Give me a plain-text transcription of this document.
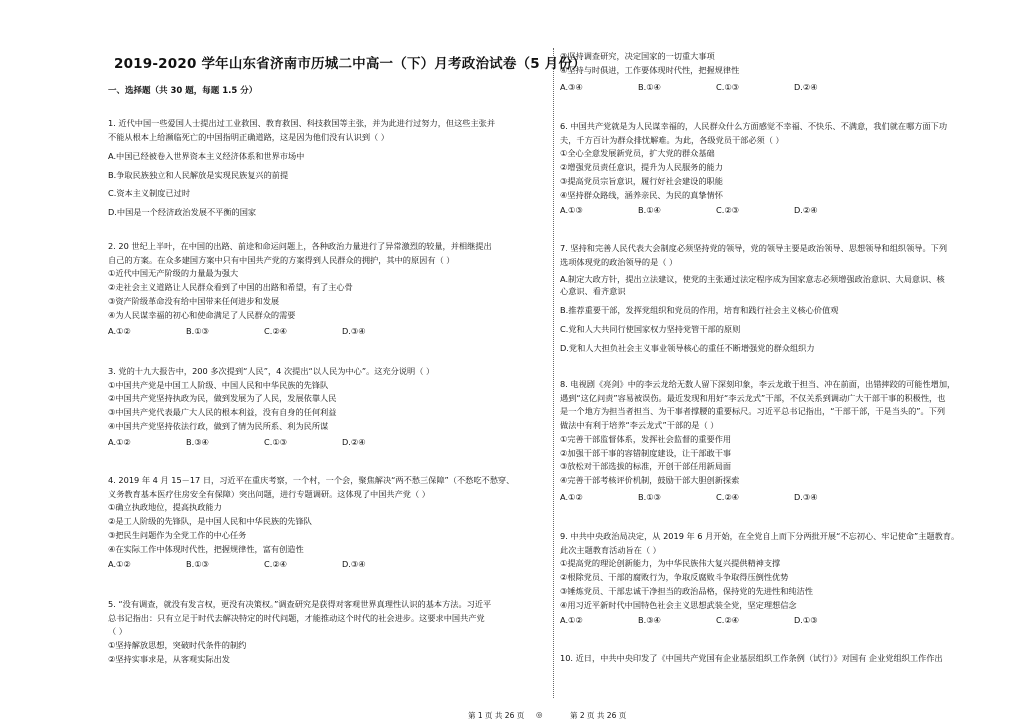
2019-2020 学年山东省济南市历城二中高一（下）月考政治试卷（5 月份）
一、选择题（共 30 题，每题 1.5 分）
1. 近代中国一些爱国人士提出过工业救国、教育救国、科技救国等主张，并为此进行过努力，但这些主张并
不能从根本上给濒临死亡的中国指明正确道路，这是因为他们没有认识到（ ）
A.中国已经被卷入世界资本主义经济体系和世界市场中
B.争取民族独立和人民解放是实现民族复兴的前提
C.资本主义制度已过时
D.中国是一个经济政治发展不平衡的国家
2. 20 世纪上半叶，在中国的出路、前途和命运问题上，各种政治力量进行了异常激烈的较量，并相继提出
自己的方案。在众多建国方案中只有中国共产党的方案得到人民群众的拥护，其中的原因有（ ）
①近代中国无产阶级的力量最为强大
②走社会主义道路让人民群众看到了中国的出路和希望，有了主心骨
③资产阶级革命没有给中国带来任何进步和发展
④为人民谋幸福的初心和使命满足了人民群众的需要
A.①②	B.①③	C.②④	D.③④
3. 党的十九大报告中，200 多次提到“人民”，4 次提出“以人民为中心”。这充分说明（ ）
①中国共产党是中国工人阶级、中国人民和中华民族的先锋队
②中国共产党坚持执政为民，做到发展为了人民，发展依靠人民
③中国共产党代表最广大人民的根本利益，没有自身的任何利益
④中国共产党坚持依法行政，做到了情为民所系、利为民所谋
A.①②	B.③④	C.①③	D.②④
4. 2019 年 4 月 15－17 日，习近平在重庆考察，一个村，一个会，聚焦解决“两不愁三保障”（不愁吃不愁穿、
义务教育基本医疗住房安全有保障）突出问题，进行专题调研。这体现了中国共产党（ ）
①确立执政地位，提高执政能力
②是工人阶级的先锋队，是中国人民和中华民族的先锋队
③把民生问题作为全党工作的中心任务
④在实际工作中体现时代性，把握规律性，富有创造性
A.①②	B.①③	C.②④	D.③④
5. “没有调查，就没有发言权，更没有决策权。”调查研究是获得对客观世界真理性认识的基本方法。习近平
总书记指出：只有立足于时代去解决特定的时代问题，才能推动这个时代的社会进步。这要求中国共产党
（ ）
①坚持解放思想，突破时代条件的制约
②坚持实事求是，从客观实际出发
③坚持调查研究，决定国家的一切重大事项
④坚持与时俱进，工作要体现时代性，把握规律性
A.③④	B.①④	C.①③	D.②④
6. 中国共产党就是为人民谋幸福的，人民群众什么方面感觉不幸福、不快乐、不满意，我们就在哪方面下功
夫，千方百计为群众排忧解难。为此，各级党员干部必须（ ）
①全心全意发展新党员，扩大党的群众基础
②增强党员责任意识，提升为人民服务的能力
③提高党员宗旨意识，履行好社会建设的职能
④坚持群众路线，涵养亲民、为民的真挚情怀
A.①③	B.①④	C.②③	D.②④
7. 坚持和完善人民代表大会制度必须坚持党的领导，党的领导主要是政治领导、思想领导和组织领导。下列
选项体现党的政治领导的是（ ）
A.制定大政方针，提出立法建议，使党的主张通过法定程序成为国家意志必须增强政治意识、大局意识、核
心意识、看齐意识
B.推荐重要干部，发挥党组织和党员的作用，培育和践行社会主义核心价值观
C.党和人大共同行使国家权力坚持党管干部的原则
D.党和人大担负社会主义事业领导核心的重任不断增强党的群众组织力
8. 电视剧《亮剑》中的李云龙给无数人留下深刻印象，李云龙敢于担当、冲在前面，出错摔跤的可能性增加，
遇到“这亿问责”容易被误伤。最近发现和用好“李云龙式”干部，不仅关系到调动广大干部干事的积极性，也
是一个地方为担当者担当、为干事者撑腰的重要标尺。习近平总书记指出，“干部干部，干是当头的”。下列
做法中有利于培养“李云龙式”干部的是（ ）
①完善干部监督体系，发挥社会监督的重要作用
②加强干部干事的容错制度建设，让干部敢干事
③放松对干部选拔的标准，开创干部任用新局面
④完善干部考核评价机制，鼓励干部大胆创新探索
A.①②	B.①③	C.②④	D.③④
9. 中共中央政治局决定，从 2019 年 6 月开始，在全党自上而下分两批开展“不忘初心、牢记使命”主题教育。
此次主题教育活动旨在（ ）
①提高党的理论创新能力，为中华民族伟大复兴提供精神支撑
②根除党员、干部的腐败行为，争取反腐败斗争取得压倒性优势
③锤炼党员、干部忠诚干净担当的政治品格，保持党的先进性和纯洁性
④用习近平新时代中国特色社会主义思想武装全党，坚定理想信念
A.①②	B.③④	C.②④	D.①③
10. 近日，中共中央印发了《中国共产党国有企业基层组织工作条例（试行）》对国有 企业党组织工作作出
第 1 页 共 26 页 ◎	第 2 页 共 26 页
